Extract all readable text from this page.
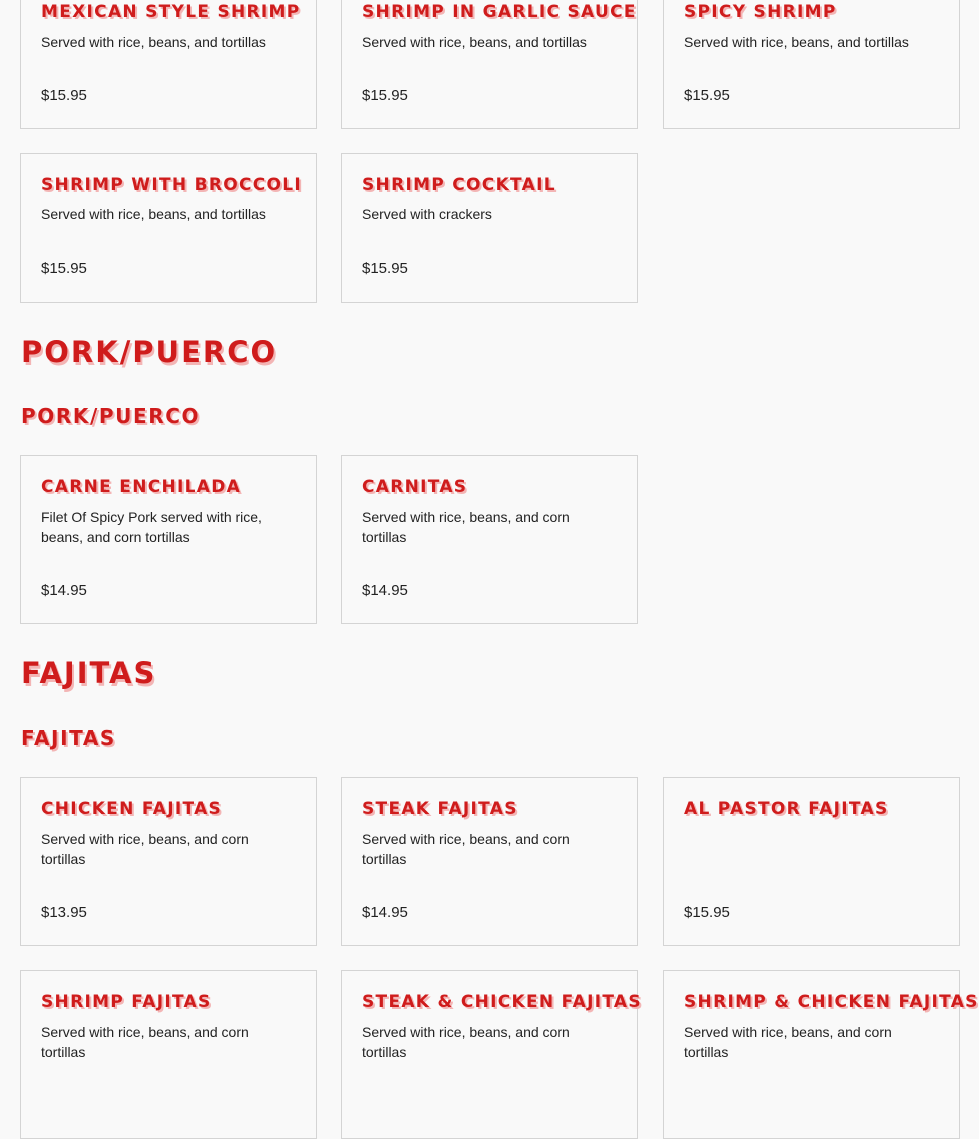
MEXICAN STYLE SHRIMP

Served with rice, beans, and tortillas

$15.95

SHRIMP IN GARLIC SAUCE

Served with rice, beans, and tortillas

$15.95

SPICY SHRIMP

Served with rice, beans, and tortillas

$15.95

SHRIMP WITH BROCCOLI

Served with rice, beans, and tortillas

$15.95

SHRIMP COCKTAIL

Served with crackers

$15.95

PORK/PUERCO
PORK/PUERCO
CARNE ENCHILADA

Filet Of Spicy Pork served with rice, beans, and corn tortillas

$14.95

CARNITAS

Served with rice, beans, and corn tortillas

$14.95

FAJITAS
FAJITAS
CHICKEN FAJITAS

Served with rice, beans, and corn tortillas

$13.95

STEAK FAJITAS

Served with rice, beans, and corn tortillas

$14.95

AL PASTOR FAJITAS

$15.95

SHRIMP FAJITAS

Served with rice, beans, and corn tortillas

STEAK & CHICKEN FAJITAS

Served with rice, beans, and corn tortillas

SHRIMP & CHICKEN FAJITAS

Served with rice, beans, and corn tortillas
